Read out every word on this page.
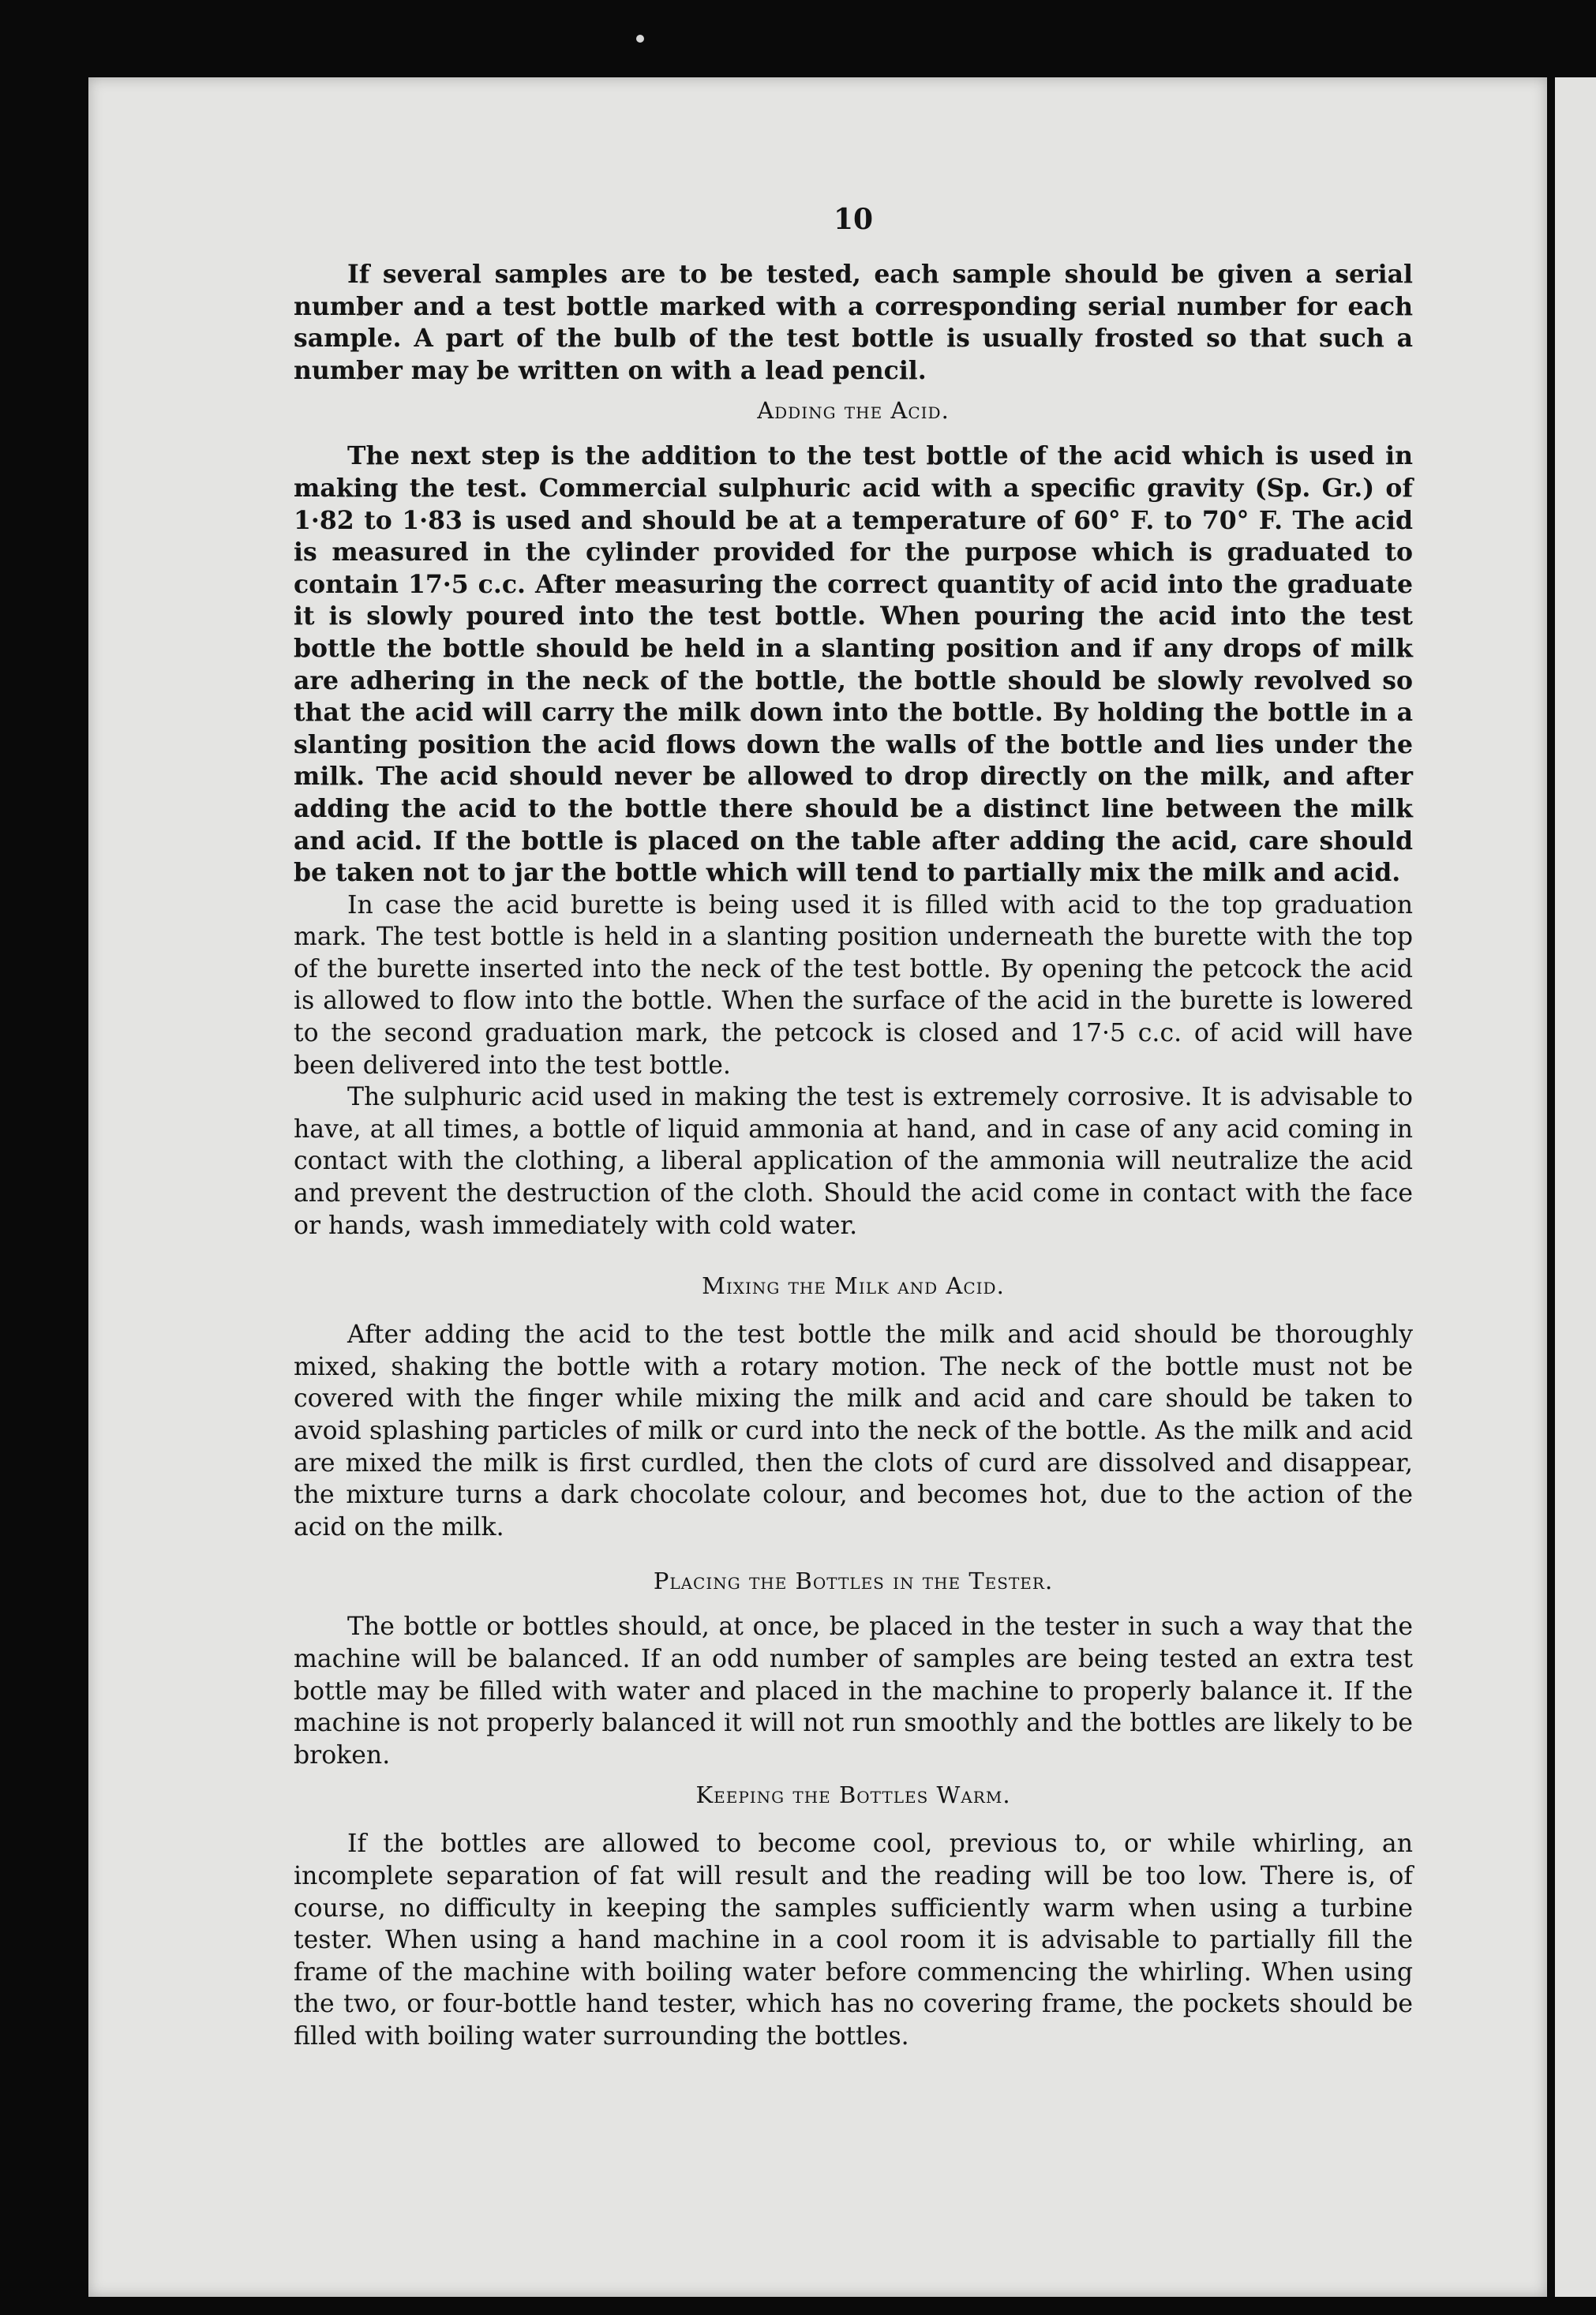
10

If several samples are to be tested, each sample should be given a serial number and a test bottle marked with a corresponding serial number for each sample. A part of the bulb of the test bottle is usually frosted so that such a number may be written on with a lead pencil.

Adding the Acid.

The next step is the addition to the test bottle of the acid which is used in making the test. Commercial sulphuric acid with a specific gravity (Sp. Gr.) of 1·82 to 1·83 is used and should be at a temperature of 60° F. to 70° F. The acid is measured in the cylinder provided for the purpose which is graduated to contain 17·5 c.c. After measuring the correct quantity of acid into the graduate it is slowly poured into the test bottle. When pouring the acid into the test bottle the bottle should be held in a slanting position and if any drops of milk are adhering in the neck of the bottle, the bottle should be slowly revolved so that the acid will carry the milk down into the bottle. By holding the bottle in a slanting position the acid flows down the walls of the bottle and lies under the milk. The acid should never be allowed to drop directly on the milk, and after adding the acid to the bottle there should be a distinct line between the milk and acid. If the bottle is placed on the table after adding the acid, care should be taken not to jar the bottle which will tend to partially mix the milk and acid.

In case the acid burette is being used it is filled with acid to the top graduation mark. The test bottle is held in a slanting position underneath the burette with the top of the burette inserted into the neck of the test bottle. By opening the petcock the acid is allowed to flow into the bottle. When the surface of the acid in the burette is lowered to the second graduation mark, the petcock is closed and 17·5 c.c. of acid will have been delivered into the test bottle.

The sulphuric acid used in making the test is extremely corrosive. It is advisable to have, at all times, a bottle of liquid ammonia at hand, and in case of any acid coming in contact with the clothing, a liberal application of the ammonia will neutralize the acid and prevent the destruction of the cloth. Should the acid come in contact with the face or hands, wash immediately with cold water.

Mixing the Milk and Acid.

After adding the acid to the test bottle the milk and acid should be thoroughly mixed, shaking the bottle with a rotary motion. The neck of the bottle must not be covered with the finger while mixing the milk and acid and care should be taken to avoid splashing particles of milk or curd into the neck of the bottle. As the milk and acid are mixed the milk is first curdled, then the clots of curd are dissolved and disappear, the mixture turns a dark chocolate colour, and becomes hot, due to the action of the acid on the milk.

Placing the Bottles in the Tester.

The bottle or bottles should, at once, be placed in the tester in such a way that the machine will be balanced. If an odd number of samples are being tested an extra test bottle may be filled with water and placed in the machine to properly balance it. If the machine is not properly balanced it will not run smoothly and the bottles are likely to be broken.

Keeping the Bottles Warm.

If the bottles are allowed to become cool, previous to, or while whirling, an incomplete separation of fat will result and the reading will be too low. There is, of course, no difficulty in keeping the samples sufficiently warm when using a turbine tester. When using a hand machine in a cool room it is advisable to partially fill the frame of the machine with boiling water before commencing the whirling. When using the two, or four-bottle hand tester, which has no covering frame, the pockets should be filled with boiling water surrounding the bottles.
